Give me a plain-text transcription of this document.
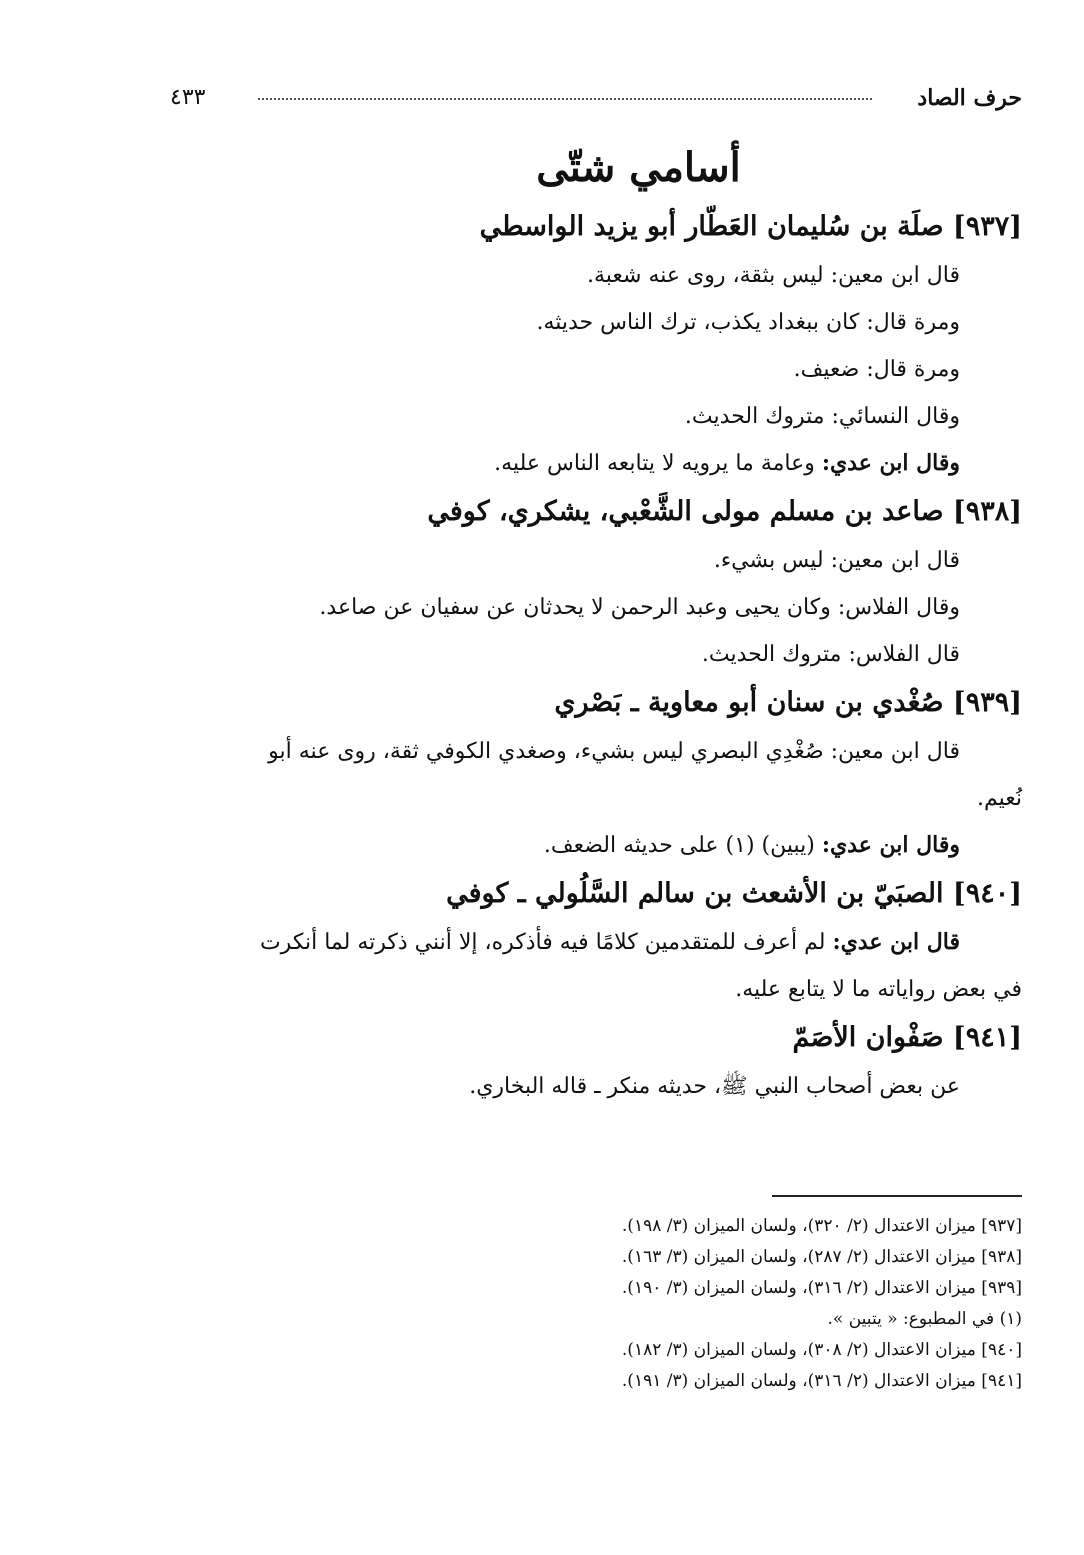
حرف الصاد
٤٣٣
أسامي شتّى
[٩٣٧] صلَة بن سُليمان العَطّار أبو يزيد الواسطي
قال ابن معين: ليس بثقة، روى عنه شعبة.
ومرة قال: كان ببغداد يكذب، ترك الناس حديثه.
ومرة قال: ضعيف.
وقال النسائي: متروك الحديث.
وقال ابن عدي: وعامة ما يرويه لا يتابعه الناس عليه.
[٩٣٨] صاعد بن مسلم مولى الشَّعْبي، يشكري، كوفي
قال ابن معين: ليس بشيء.
وقال الفلاس: وكان يحيى وعبد الرحمن لا يحدثان عن سفيان عن صاعد.
قال الفلاس: متروك الحديث.
[٩٣٩] صُغْدي بن سنان أبو معاوية ـ بَصْري
قال ابن معين: صُغْدِي البصري ليس بشيء، وصغدي الكوفي ثقة، روى عنه أبو
نُعيم.
وقال ابن عدي: (يبين) (١) على حديثه الضعف.
[٩٤٠] الصبَيّ بن الأشعث بن سالم السَّلُولي ـ كوفي
قال ابن عدي: لم أعرف للمتقدمين كلامًا فيه فأذكره، إلا أنني ذكرته لما أنكرت
في بعض رواياته ما لا يتابع عليه.
[٩٤١] صَفْوان الأصَمّ
عن بعض أصحاب النبي ﷺ، حديثه منكر ـ قاله البخاري.
[٩٣٧] ميزان الاعتدال (٢/ ٣٢٠)، ولسان الميزان (٣/ ١٩٨).
[٩٣٨] ميزان الاعتدال (٢/ ٢٨٧)، ولسان الميزان (٣/ ١٦٣).
[٩٣٩] ميزان الاعتدال (٢/ ٣١٦)، ولسان الميزان (٣/ ١٩٠).
(١) في المطبوع: « يتبين ».
[٩٤٠] ميزان الاعتدال (٢/ ٣٠٨)، ولسان الميزان (٣/ ١٨٢).
[٩٤١] ميزان الاعتدال (٢/ ٣١٦)، ولسان الميزان (٣/ ١٩١).
